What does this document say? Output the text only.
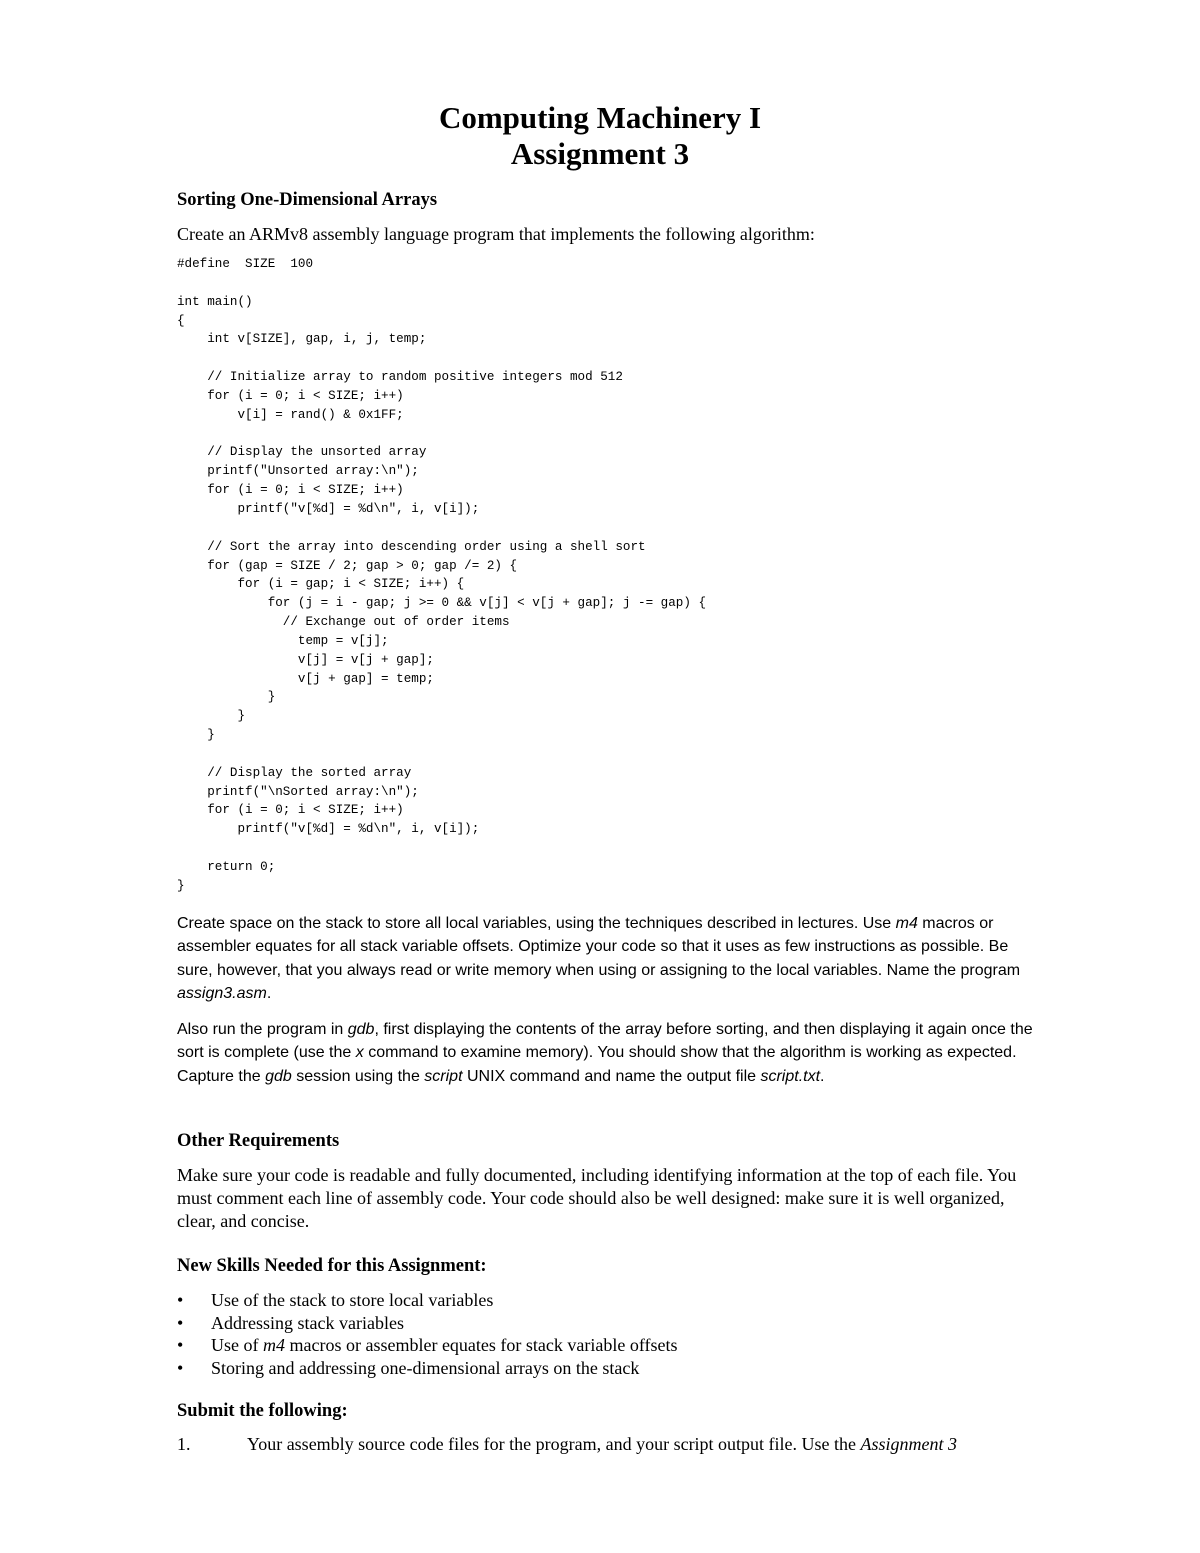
Computing Machinery I
Assignment 3
Sorting One-Dimensional Arrays
Create an ARMv8 assembly language program that implements the following algorithm:
#define  SIZE  100

int main()
{
int v[SIZE], gap, i, j, temp;

// Initialize array to random positive integers mod 512
for (i = 0; i < SIZE; i++)
v[i] = rand() & 0x1FF;

// Display the unsorted array
printf("Unsorted array:\n");
for (i = 0; i < SIZE; i++)
printf("v[%d] = %d\n", i, v[i]);

// Sort the array into descending order using a shell sort
for (gap = SIZE / 2; gap > 0; gap /= 2) {
for (i = gap; i < SIZE; i++) {
for (j = i - gap; j >= 0 && v[j] < v[j + gap]; j -= gap) {
// Exchange out of order items
temp = v[j];
v[j] = v[j + gap];
v[j + gap] = temp;
}
}
}

// Display the sorted array
printf("\nSorted array:\n");
for (i = 0; i < SIZE; i++)
printf("v[%d] = %d\n", i, v[i]);

return 0;
}
Create space on the stack to store all local variables, using the techniques described in lectures. Use m4 macros or assembler equates for all stack variable offsets. Optimize your code so that it uses as few instructions as possible. Be sure, however, that you always read or write memory when using or assigning to the local variables. Name the program assign3.asm.
Also run the program in gdb, first displaying the contents of the array before sorting, and then displaying it again once the sort is complete (use the x command to examine memory). You should show that the algorithm is working as expected. Capture the gdb session using the script UNIX command and name the output file script.txt.
Other Requirements
Make sure your code is readable and fully documented, including identifying information at the top of each file. You must comment each line of assembly code. Your code should also be well designed: make sure it is well organized, clear, and concise.
New Skills Needed for this Assignment:
• Use of the stack to store local variables
• Addressing stack variables
• Use of m4 macros or assembler equates for stack variable offsets
• Storing and addressing one-dimensional arrays on the stack
Submit the following:
1.	Your assembly source code files for the program, and your script output file. Use the Assignment 3
